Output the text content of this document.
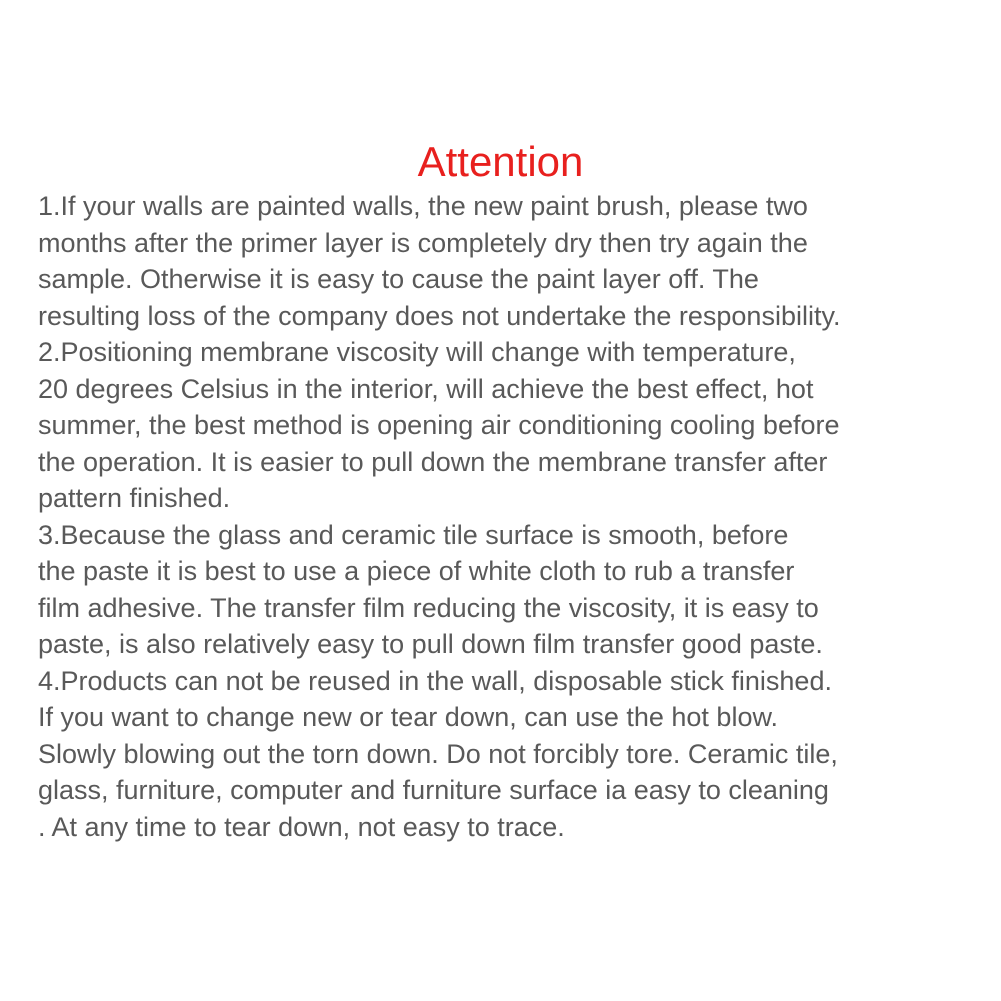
Attention
1.If your walls are painted walls, the new paint brush, please two
months after the primer layer is completely dry then try again the
sample. Otherwise it is easy to cause the paint layer off. The
resulting loss of the company does not undertake the responsibility.
2.Positioning membrane viscosity will change with temperature,
20 degrees Celsius in the interior, will achieve the best effect, hot
summer, the best method is opening air conditioning cooling before
the operation. It is easier to pull down the membrane transfer after
pattern finished.
3.Because the glass and ceramic tile surface is smooth, before
the paste it is best to use a piece of white cloth to rub a transfer
film adhesive. The transfer film reducing the viscosity, it is easy to
paste, is also relatively easy to pull down film transfer good paste.
4.Products can not be reused in the wall, disposable stick finished.
If you want to change new or tear down, can use the hot blow.
Slowly blowing out the torn down. Do not forcibly tore. Ceramic tile,
glass, furniture, computer and furniture surface ia easy to cleaning
. At any time to tear down, not easy to trace.
